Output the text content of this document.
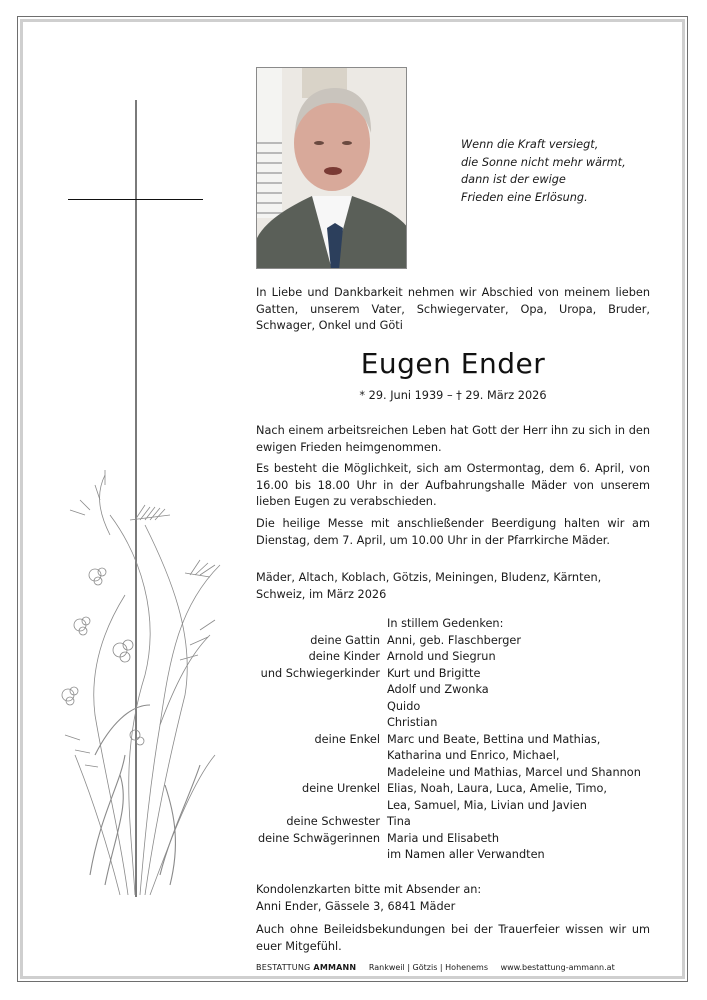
Wenn die Kraft versiegt,
die Sonne nicht mehr wärmt,
dann ist der ewige
Frieden eine Erlösung.
In Liebe und Dankbarkeit nehmen wir Abschied von meinem lieben Gatten, unserem Vater, Schwiegervater, Opa, Uropa, Bruder, Schwager, Onkel und Göti
Eugen Ender
* 29. Juni 1939 – † 29. März 2026
Nach einem arbeitsreichen Leben hat Gott der Herr ihn zu sich in den ewigen Frieden heimgenommen.
Es besteht die Möglichkeit, sich am Ostermontag, dem 6. April, von 16.00 bis 18.00 Uhr in der Aufbahrungshalle Mäder von unserem lieben Eugen zu verabschieden.
Die heilige Messe mit anschließender Beerdigung halten wir am Dienstag, dem 7. April, um 10.00 Uhr in der Pfarrkirche Mäder.
Mäder, Altach, Koblach, Götzis, Meiningen, Bludenz, Kärnten, Schweiz, im März 2026
In stillem Gedenken:
deine Gattin Anni, geb. Flaschberger
deine Kinder Arnold und Siegrun
und Schwiegerkinder Kurt und Brigitte
Adolf und Zwonka
Quido
Christian
deine Enkel Marc und Beate, Bettina und Mathias,
Katharina und Enrico, Michael,
Madeleine und Mathias, Marcel und Shannon
deine Urenkel Elias, Noah, Laura, Luca, Amelie, Timo,
Lea, Samuel, Mia, Livian und Javien
deine Schwester Tina
deine Schwägerinnen Maria und Elisabeth
im Namen aller Verwandten
Kondolenzkarten bitte mit Absender an:
Anni Ender, Gässele 3, 6841 Mäder
Auch ohne Beileidsbekundungen bei der Trauerfeier wissen wir um euer Mitgefühl.
BESTATTUNG AMMANN Rankweil | Götzis | Hohenems www.bestattung-ammann.at
